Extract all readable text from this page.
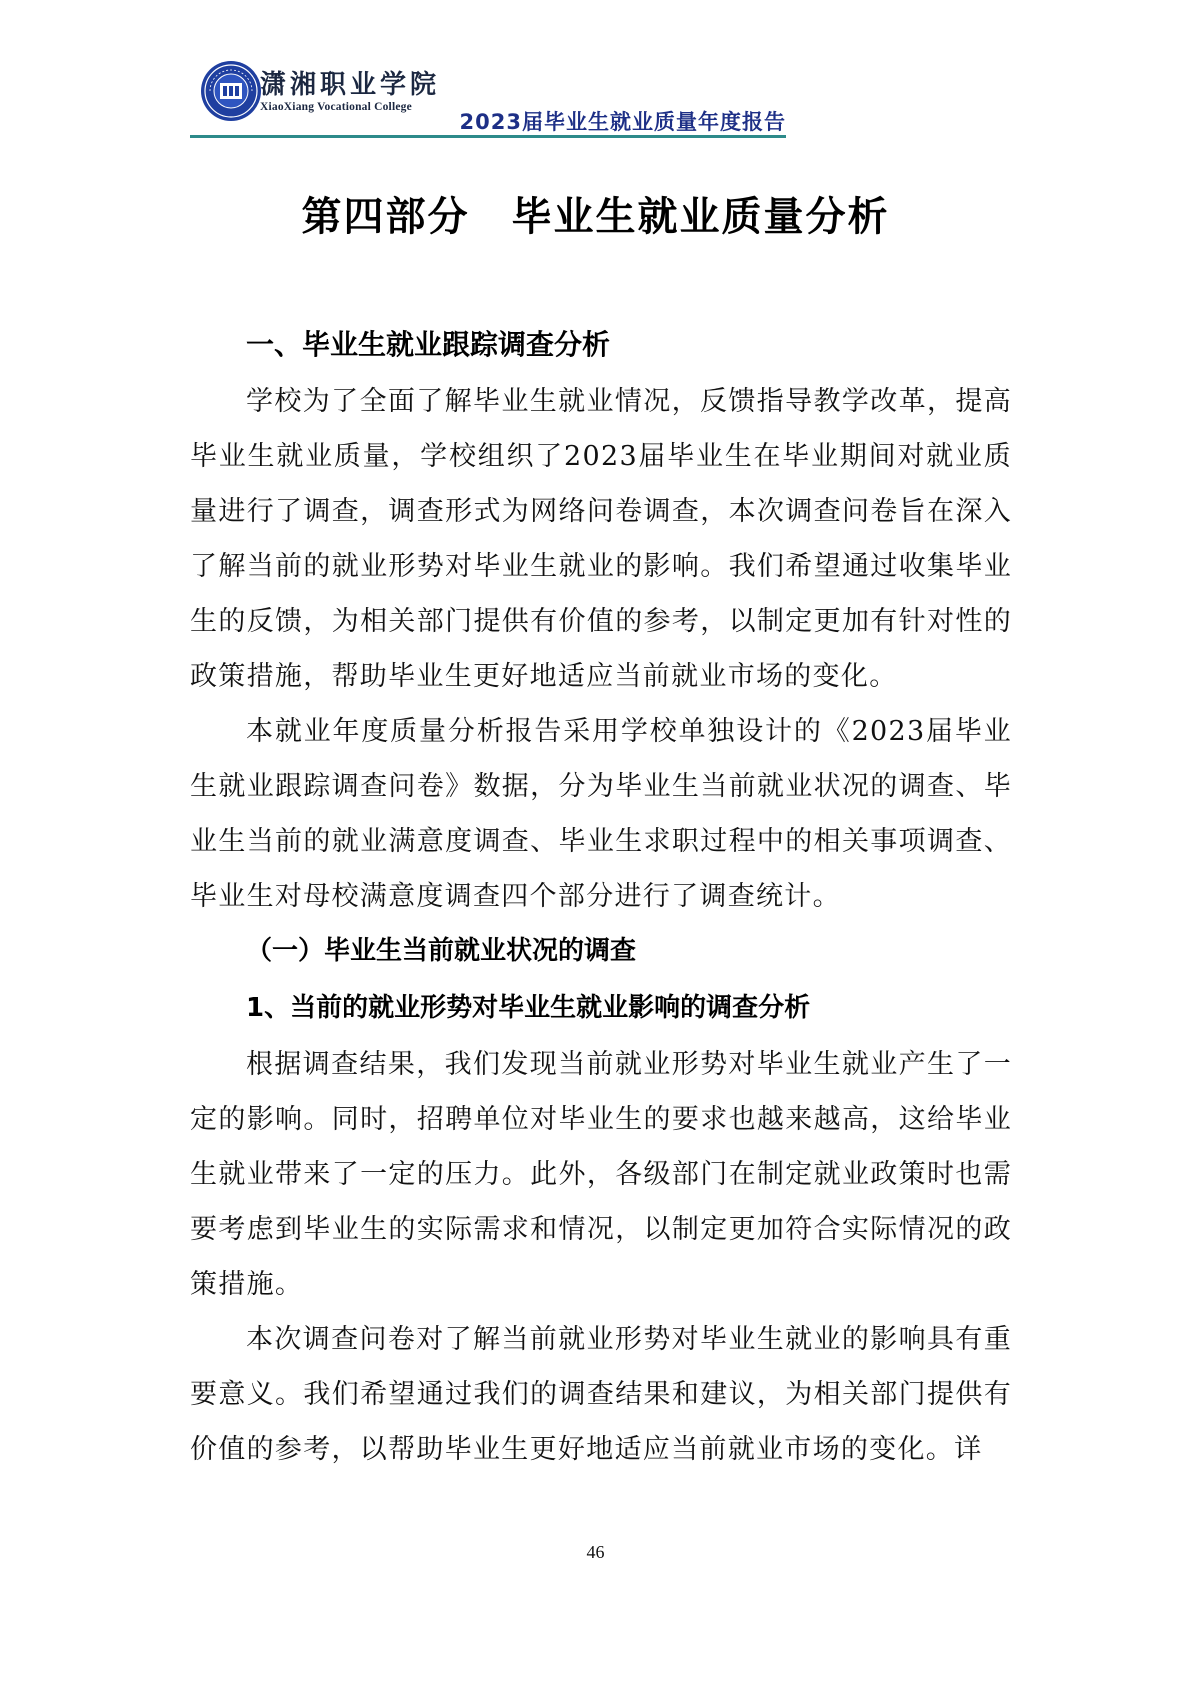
潇湘职业学院
XiaoXiang Vocational College
2023届毕业生就业质量年度报告
第四部分　毕业生就业质量分析
一、毕业生就业跟踪调查分析

学校为了全面了解毕业生就业情况，反馈指导教学改革，提高毕业生就业质量，学校组织了2023届毕业生在毕业期间对就业质量进行了调查，调查形式为网络问卷调查，本次调查问卷旨在深入了解当前的就业形势对毕业生就业的影响。我们希望通过收集毕业生的反馈，为相关部门提供有价值的参考，以制定更加有针对性的政策措施，帮助毕业生更好地适应当前就业市场的变化。

本就业年度质量分析报告采用学校单独设计的《2023届毕业生就业跟踪调查问卷》数据，分为毕业生当前就业状况的调查、毕业生当前的就业满意度调查、毕业生求职过程中的相关事项调查、毕业生对母校满意度调查四个部分进行了调查统计。

（一）毕业生当前就业状况的调查
1、当前的就业形势对毕业生就业影响的调查分析

根据调查结果，我们发现当前就业形势对毕业生就业产生了一定的影响。同时，招聘单位对毕业生的要求也越来越高，这给毕业生就业带来了一定的压力。此外，各级部门在制定就业政策时也需要考虑到毕业生的实际需求和情况，以制定更加符合实际情况的政策措施。

本次调查问卷对了解当前就业形势对毕业生就业的影响具有重要意义。我们希望通过我们的调查结果和建议，为相关部门提供有价值的参考，以帮助毕业生更好地适应当前就业市场的变化。详

46
